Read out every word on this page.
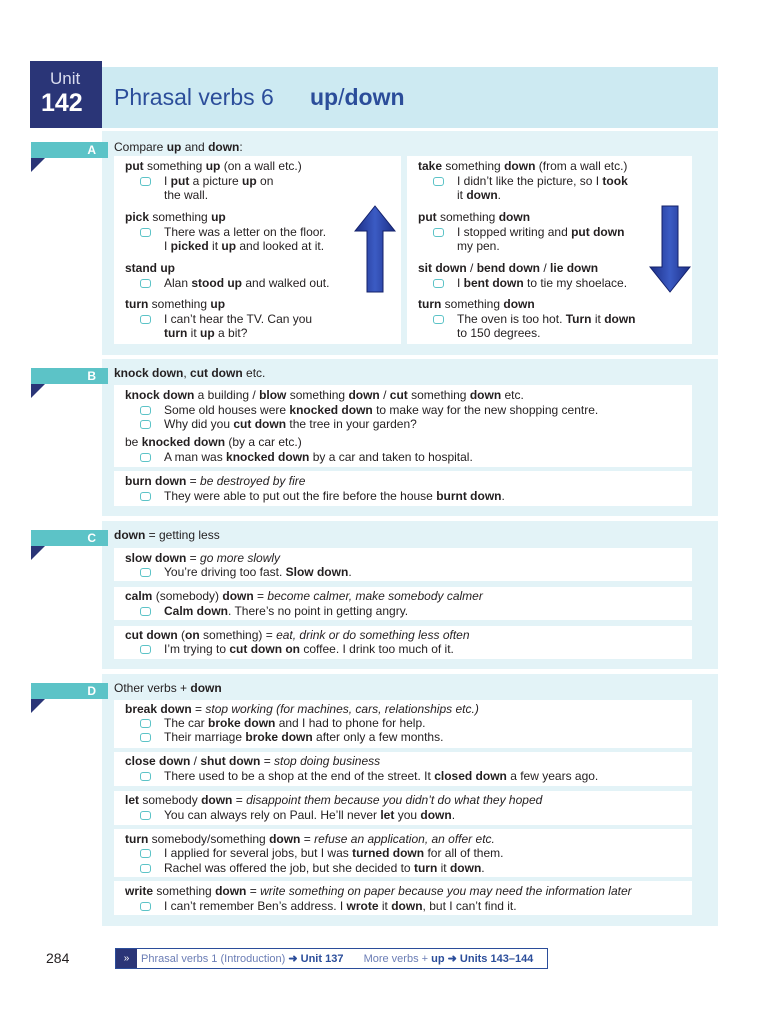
Unit
142 Phrasal verbs 6 up/down
A Compare up and down:
put something up (on a wall etc.)
I put a picture up on
the wall.
pick something up
There was a letter on the floor.
I picked it up and looked at it.
stand up
Alan stood up and walked out.
turn something up
I can’t hear the TV. Can you
turn it up a bit?
take something down (from a wall etc.)
I didn’t like the picture, so I took
it down.
put something down
I stopped writing and put down
my pen.
sit down / bend down / lie down
I bent down to tie my shoelace.
turn something down
The oven is too hot. Turn it down
to 150 degrees.
B knock down, cut down etc.
knock down a building / blow something down / cut something down etc.
Some old houses were knocked down to make way for the new shopping centre.
Why did you cut down the tree in your garden?
be knocked down (by a car etc.)
A man was knocked down by a car and taken to hospital.
burn down = be destroyed by fire
They were able to put out the fire before the house burnt down.
C down = getting less
slow down = go more slowly
You’re driving too fast. Slow down.
calm (somebody) down = become calmer, make somebody calmer
Calm down. There’s no point in getting angry.
cut down (on something) = eat, drink or do something less often
I’m trying to cut down on coffee. I drink too much of it.
D Other verbs + down
break down = stop working (for machines, cars, relationships etc.)
The car broke down and I had to phone for help.
Their marriage broke down after only a few months.
close down / shut down = stop doing business
There used to be a shop at the end of the street. It closed down a few years ago.
let somebody down = disappoint them because you didn’t do what they hoped
You can always rely on Paul. He’ll never let you down.
turn somebody/something down = refuse an application, an offer etc.
I applied for several jobs, but I was turned down for all of them.
Rachel was offered the job, but she decided to turn it down.
write something down = write something on paper because you may need the information later
I can’t remember Ben’s address. I wrote it down, but I can’t find it.
284	»	Phrasal verbs 1 (Introduction) ➜ Unit 137 More verbs + up ➜ Units 143–144
